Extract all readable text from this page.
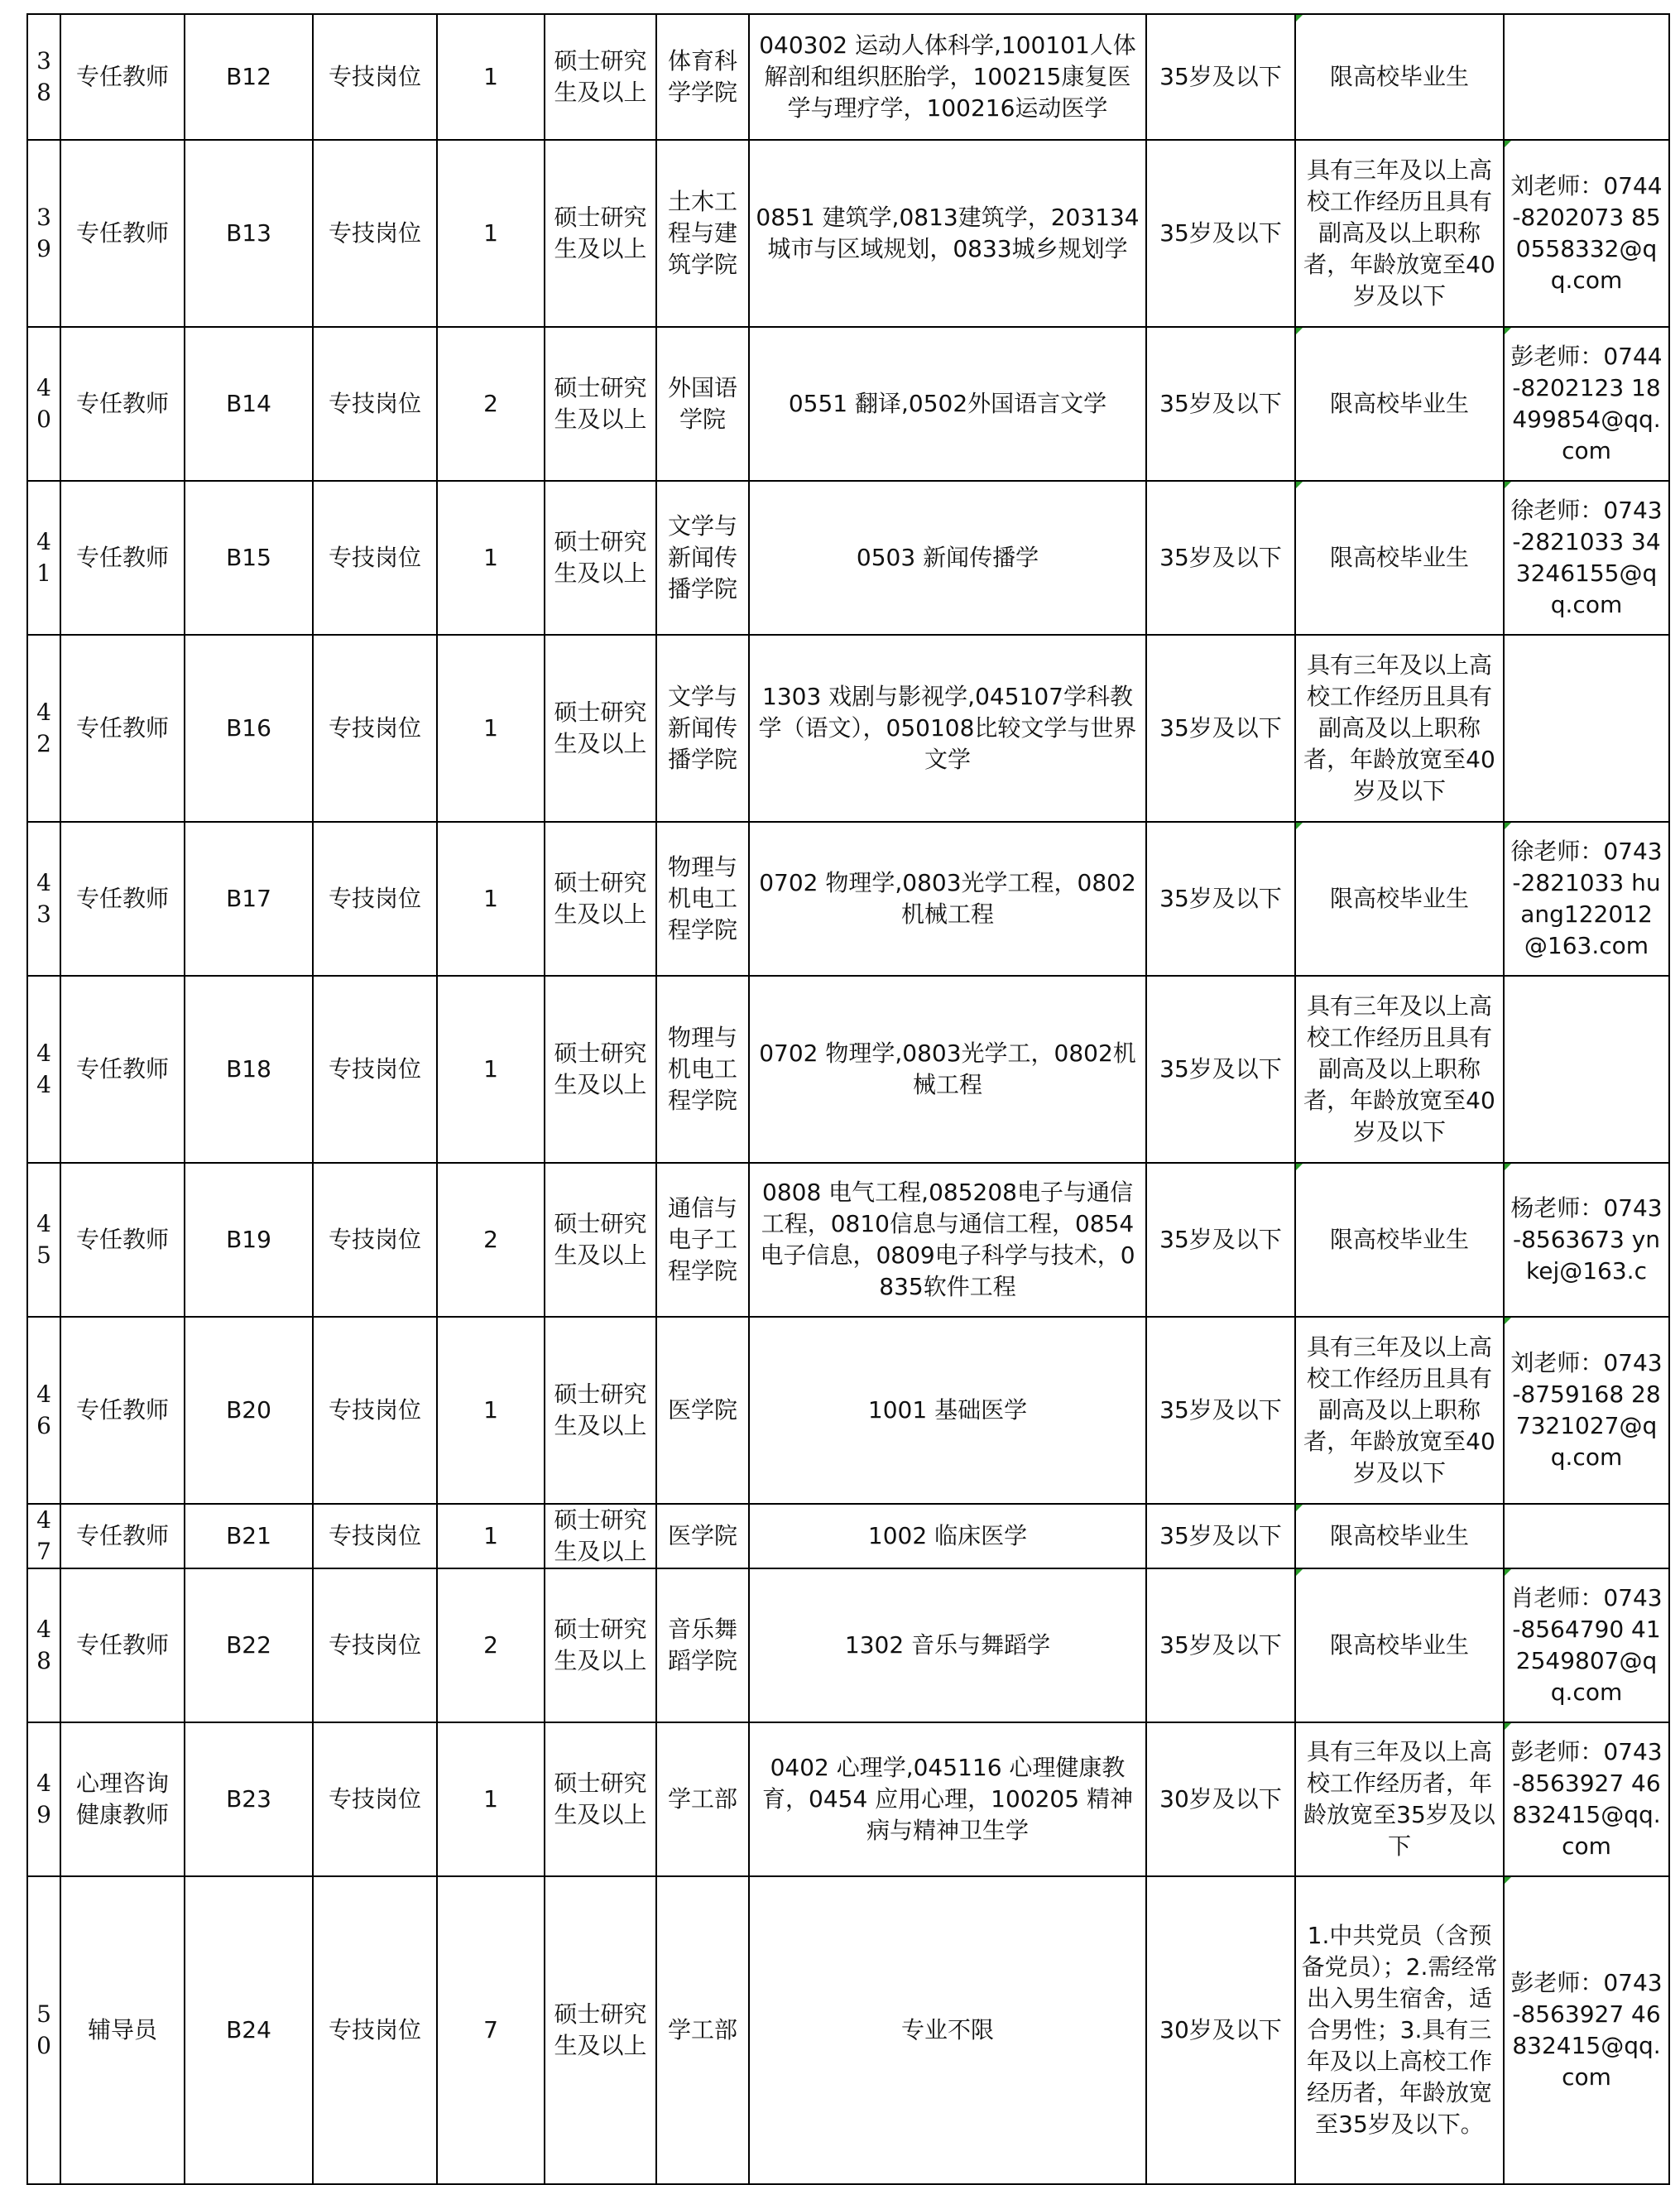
38	专任教师	B12	专技岗位	1	硕士研究生及以上	体育科学学院	040302 运动人体科学,100101人体解剖和组织胚胎学，100215康复医学与理疗学，100216运动医学	35岁及以下	限高校毕业生	
39	专任教师	B13	专技岗位	1	硕士研究生及以上	土木工程与建筑学院	0851 建筑学,0813建筑学，203134城市与区域规划，0833城乡规划学	35岁及以下	具有三年及以上高校工作经历且具有副高及以上职称者，年龄放宽至40岁及以下	刘老师：0744-8202073 850558332@qq.com
40	专任教师	B14	专技岗位	2	硕士研究生及以上	外国语学院	0551 翻译,0502外国语言文学	35岁及以下	限高校毕业生	彭老师：0744-8202123 18499854@qq.com
41	专任教师	B15	专技岗位	1	硕士研究生及以上	文学与新闻传播学院	0503 新闻传播学	35岁及以下	限高校毕业生	徐老师：0743-2821033 343246155@qq.com
42	专任教师	B16	专技岗位	1	硕士研究生及以上	文学与新闻传播学院	1303 戏剧与影视学,045107学科教学（语文），050108比较文学与世界文学	35岁及以下	具有三年及以上高校工作经历且具有副高及以上职称者，年龄放宽至40岁及以下	
43	专任教师	B17	专技岗位	1	硕士研究生及以上	物理与机电工程学院	0702 物理学,0803光学工程，0802机械工程	35岁及以下	限高校毕业生	徐老师：0743-2821033 huang122012@163.com
44	专任教师	B18	专技岗位	1	硕士研究生及以上	物理与机电工程学院	0702 物理学,0803光学工，0802机械工程	35岁及以下	具有三年及以上高校工作经历且具有副高及以上职称者，年龄放宽至40岁及以下	
45	专任教师	B19	专技岗位	2	硕士研究生及以上	通信与电子工程学院	0808 电气工程,085208电子与通信工程，0810信息与通信工程，0854电子信息，0809电子科学与技术，0835软件工程	35岁及以下	限高校毕业生	杨老师：0743-8563673 ynkej@163.c
46	专任教师	B20	专技岗位	1	硕士研究生及以上	医学院	1001 基础医学	35岁及以下	具有三年及以上高校工作经历且具有副高及以上职称者，年龄放宽至40岁及以下	刘老师：0743-8759168 287321027@qq.com
47	专任教师	B21	专技岗位	1	硕士研究生及以上	医学院	1002 临床医学	35岁及以下	限高校毕业生	
48	专任教师	B22	专技岗位	2	硕士研究生及以上	音乐舞蹈学院	1302 音乐与舞蹈学	35岁及以下	限高校毕业生	肖老师：0743-8564790 412549807@qq.com
49	心理咨询健康教师	B23	专技岗位	1	硕士研究生及以上	学工部	0402 心理学,045116 心理健康教育，0454 应用心理，100205 精神病与精神卫生学	30岁及以下	具有三年及以上高校工作经历者，年龄放宽至35岁及以下	彭老师：0743-8563927 46832415@qq.com
50	辅导员	B24	专技岗位	7	硕士研究生及以上	学工部	专业不限	30岁及以下	1.中共党员（含预备党员）；2.需经常出入男生宿舍，适合男性；3.具有三年及以上高校工作经历者，年龄放宽至35岁及以下。	彭老师：0743-8563927 46832415@qq.com
